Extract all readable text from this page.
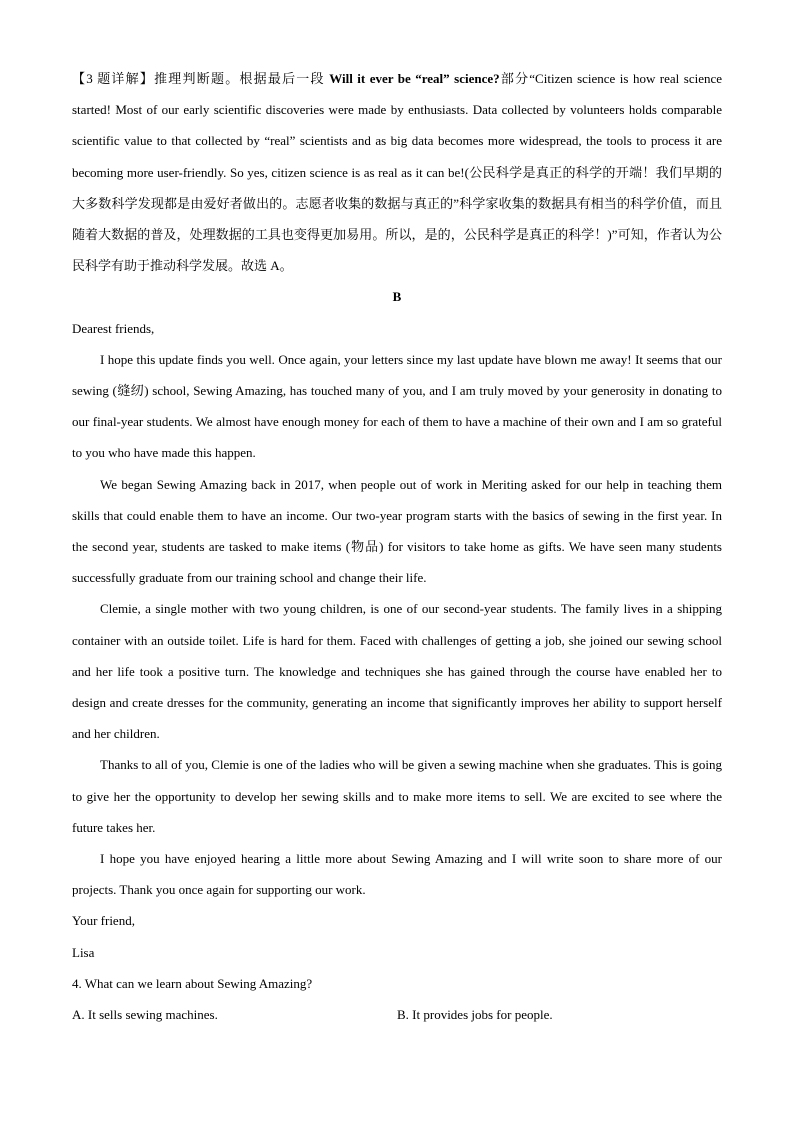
【3 题详解】推理判断题。根据最后一段 Will it ever be “real” science?部分“Citizen science is how real science started! Most of our early scientific discoveries were made by enthusiasts. Data collected by volunteers holds comparable scientific value to that collected by “real” scientists and as big data becomes more widespread, the tools to process it are becoming more user-friendly. So yes, citizen science is as real as it can be!(公民科学是真正的科学的开端！我们早期的大多数科学发现都是由爱好者做出的。志愿者收集的数据与真正的”科学家收集的数据具有相当的科学价值，而且随着大数据的普及，处理数据的工具也变得更加易用。所以，是的，公民科学是真正的科学！)”可知，作者认为公民科学有助于推动科学发展。故选 A。

B

Dearest friends,

I hope this update finds you well. Once again, your letters since my last update have blown me away! It seems that our sewing (缝纫) school, Sewing Amazing, has touched many of you, and I am truly moved by your generosity in donating to our final-year students. We almost have enough money for each of them to have a machine of their own and I am so grateful to you who have made this happen.

We began Sewing Amazing back in 2017, when people out of work in Meriting asked for our help in teaching them skills that could enable them to have an income. Our two-year program starts with the basics of sewing in the first year. In the second year, students are tasked to make items (物品) for visitors to take home as gifts. We have seen many students successfully graduate from our training school and change their life.

Clemie, a single mother with two young children, is one of our second-year students. The family lives in a shipping container with an outside toilet. Life is hard for them. Faced with challenges of getting a job, she joined our sewing school and her life took a positive turn. The knowledge and techniques she has gained through the course have enabled her to design and create dresses for the community, generating an income that significantly improves her ability to support herself and her children.

Thanks to all of you, Clemie is one of the ladies who will be given a sewing machine when she graduates. This is going to give her the opportunity to develop her sewing skills and to make more items to sell. We are excited to see where the future takes her.

I hope you have enjoyed hearing a little more about Sewing Amazing and I will write soon to share more of our projects. Thank you once again for supporting our work.

Your friend,

Lisa

4. What can we learn about Sewing Amazing?

A. It sells sewing machines.	B. It provides jobs for people.
